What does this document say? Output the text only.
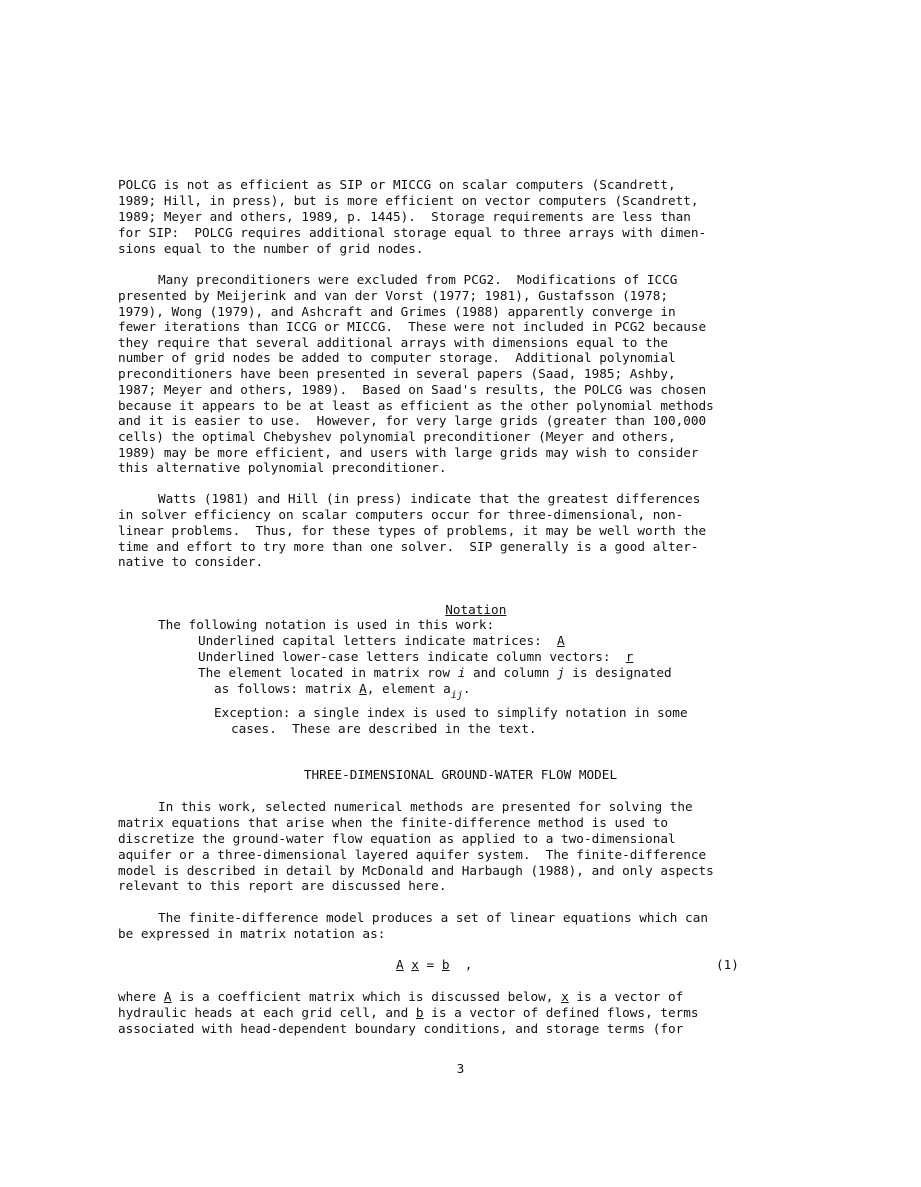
POLCG is not as efficient as SIP or MICCG on scalar computers (Scandrett,
1989; Hill, in press), but is more efficient on vector computers (Scandrett,
1989; Meyer and others, 1989, p. 1445).  Storage requirements are less than
for SIP:  POLCG requires additional storage equal to three arrays with dimen-
sions equal to the number of grid nodes.
Many preconditioners were excluded from PCG2.  Modifications of ICCG
presented by Meijerink and van der Vorst (1977; 1981), Gustafsson (1978;
1979), Wong (1979), and Ashcraft and Grimes (1988) apparently converge in
fewer iterations than ICCG or MICCG.  These were not included in PCG2 because
they require that several additional arrays with dimensions equal to the
number of grid nodes be added to computer storage.  Additional polynomial
preconditioners have been presented in several papers (Saad, 1985; Ashby,
1987; Meyer and others, 1989).  Based on Saad's results, the POLCG was chosen
because it appears to be at least as efficient as the other polynomial methods
and it is easier to use.  However, for very large grids (greater than 100,000
cells) the optimal Chebyshev polynomial preconditioner (Meyer and others,
1989) may be more efficient, and users with large grids may wish to consider
this alternative polynomial preconditioner.
Watts (1981) and Hill (in press) indicate that the greatest differences
in solver efficiency on scalar computers occur for three-dimensional, non-
linear problems.  Thus, for these types of problems, it may be well worth the
time and effort to try more than one solver.  SIP generally is a good alter-
native to consider.

Notation

The following notation is used in this work:
Underlined capital letters indicate matrices:  A
Underlined lower-case letters indicate column vectors:  r
The element located in matrix row i and column j is designated
as follows: matrix A, element $a_{ij}$.
Exception: a single index is used to simplify notation in some
cases.  These are described in the text.
THREE-DIMENSIONAL GROUND-WATER FLOW MODEL
In this work, selected numerical methods are presented for solving the
matrix equations that arise when the finite-difference method is used to
discretize the ground-water flow equation as applied to a two-dimensional
aquifer or a three-dimensional layered aquifer system.  The finite-difference
model is described in detail by McDonald and Harbaugh (1988), and only aspects
relevant to this report are discussed here.
The finite-difference model produces a set of linear equations which can
be expressed in matrix notation as:
A x = b  ,	(1)
where A is a coefficient matrix which is discussed below, x is a vector of
hydraulic heads at each grid cell, and b is a vector of defined flows, terms
associated with head-dependent boundary conditions, and storage terms (for
3
